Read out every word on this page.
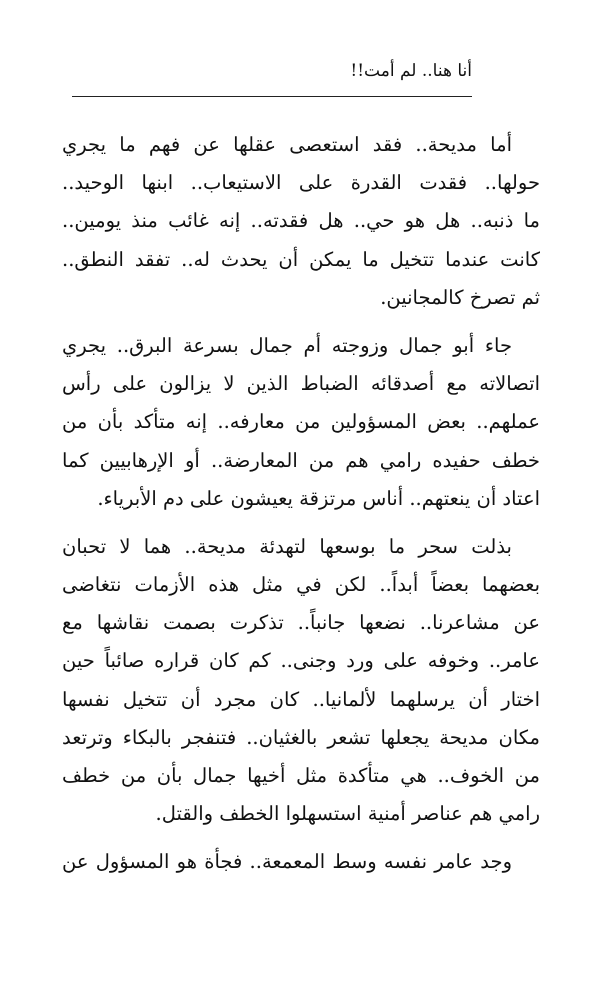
أنا هنا.. لم أمت!!
أما مديحة.. فقد استعصى عقلها عن فهم ما يجري
حولها.. فقدت القدرة على الاستيعاب.. ابنها الوحيد..
ما ذنبه.. هل هو حي.. هل فقدته.. إنه غائب منذ يومين..
كانت عندما تتخيل ما يمكن أن يحدث له.. تفقد النطق..
ثم تصرخ كالمجانين.
جاء أبو جمال وزوجته أم جمال بسرعة البرق.. يجري
اتصالاته مع أصدقائه الضباط الذين لا يزالون على رأس
عملهم.. بعض المسؤولين من معارفه.. إنه متأكد بأن من
خطف حفيده رامي هم من المعارضة.. أو الإرهابيين كما
اعتاد أن ينعتهم.. أناس مرتزقة يعيشون على دم الأبرياء.
بذلت سحر ما بوسعها لتهدئة مديحة.. هما لا تحبان
بعضهما بعضاً أبداً.. لكن في مثل هذه الأزمات نتغاضى
عن مشاعرنا.. نضعها جانباً.. تذكرت بصمت نقاشها مع
عامر.. وخوفه على ورد وجنى.. كم كان قراره صائباً حين
اختار أن يرسلهما لألمانيا.. كان مجرد أن تتخيل نفسها
مكان مديحة يجعلها تشعر بالغثيان.. فتنفجر بالبكاء وترتعد
من الخوف.. هي متأكدة مثل أخيها جمال بأن من خطف
رامي هم عناصر أمنية استسهلوا الخطف والقتل.
وجد عامر نفسه وسط المعمعة.. فجأة هو المسؤول عن
